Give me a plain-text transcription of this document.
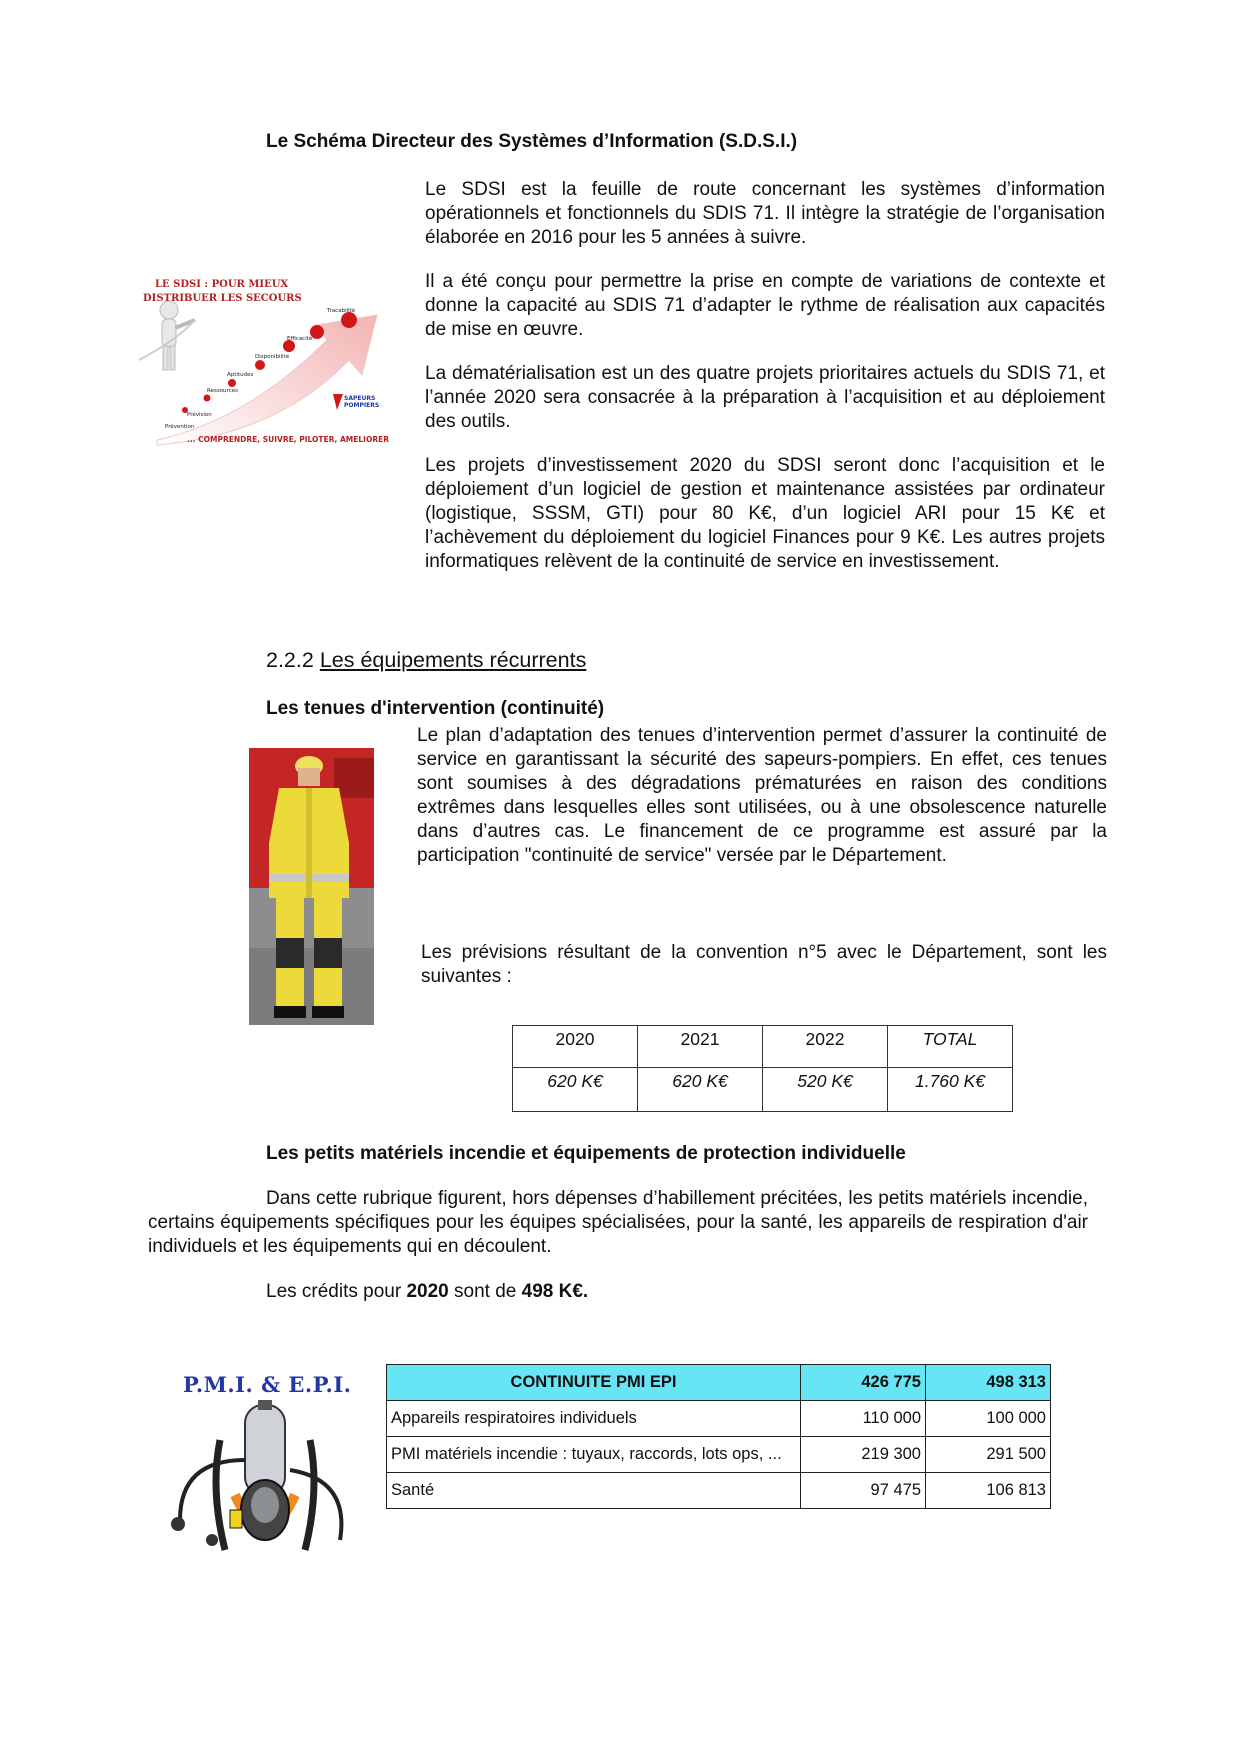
Le Schéma Directeur des Systèmes d’Information (S.D.S.I.)

Le SDSI est la feuille de route concernant les systèmes d’information opérationnels et fonctionnels du SDIS 71. Il intègre la stratégie de l’organisation élaborée en 2016 pour les 5 années à suivre.

Il a été conçu pour permettre la prise en compte de variations de contexte et donne la capacité au SDIS 71 d’adapter le rythme de réalisation aux capacités de mise en œuvre.

La dématérialisation est un des quatre projets prioritaires actuels du SDIS 71, et l’année 2020 sera consacrée à la préparation à l’acquisition et au déploiement des outils.

Les projets d’investissement 2020 du SDSI seront donc l’acquisition et le déploiement d’un logiciel de gestion et maintenance assistées par ordinateur (logistique, SSSM, GTI) pour 80 K€, d’un logiciel ARI pour 15 K€ et l’achèvement du déploiement du logiciel Finances pour 9 K€. Les autres projets informatiques relèvent de la continuité de service en investissement.

Prévention
Prévision
Ressources
Aptitudes
Disponibilité
Efficacité
Tracabilité
LE SDSI : POUR MIEUX
DISTRIBUER LES SECOURS
SAPEURS
POMPIERS
... COMPRENDRE, SUIVRE, PILOTER, AMELIORER
2.2.2 Les équipements récurrents
Les tenues d'intervention (continuité)
Le plan d’adaptation des tenues d’intervention permet d’assurer la continuité de service en garantissant la sécurité des sapeurs-pompiers. En effet, ces tenues sont soumises à des dégradations prématurées en raison des conditions extrêmes dans lesquelles elles sont utilisées, ou à une obsolescence naturelle dans d’autres cas. Le financement de ce programme est assuré par la participation "continuité de service" versée par le Département.
Les prévisions résultant de la convention n°5 avec le Département, sont les suivantes :
2020	2021	2022	TOTAL
620 K€	620 K€	520 K€	1.760 K€
Les petits matériels incendie et équipements de protection individuelle
Dans cette rubrique figurent, hors dépenses d’habillement précitées, les petits matériels incendie, certains équipements spécifiques pour les équipes spécialisées, pour la santé, les appareils de respiration d'air individuels et les équipements qui en découlent.
Les crédits pour 2020 sont de 498 K€.
P.M.I. & E.P.I.	CONTINUITE PMI EPI	426 775	498 313
Appareils respiratoires individuels	110 000	100 000
PMI matériels incendie : tuyaux, raccords, lots ops, ...	219 300	291 500
Santé	97 475	106 813
